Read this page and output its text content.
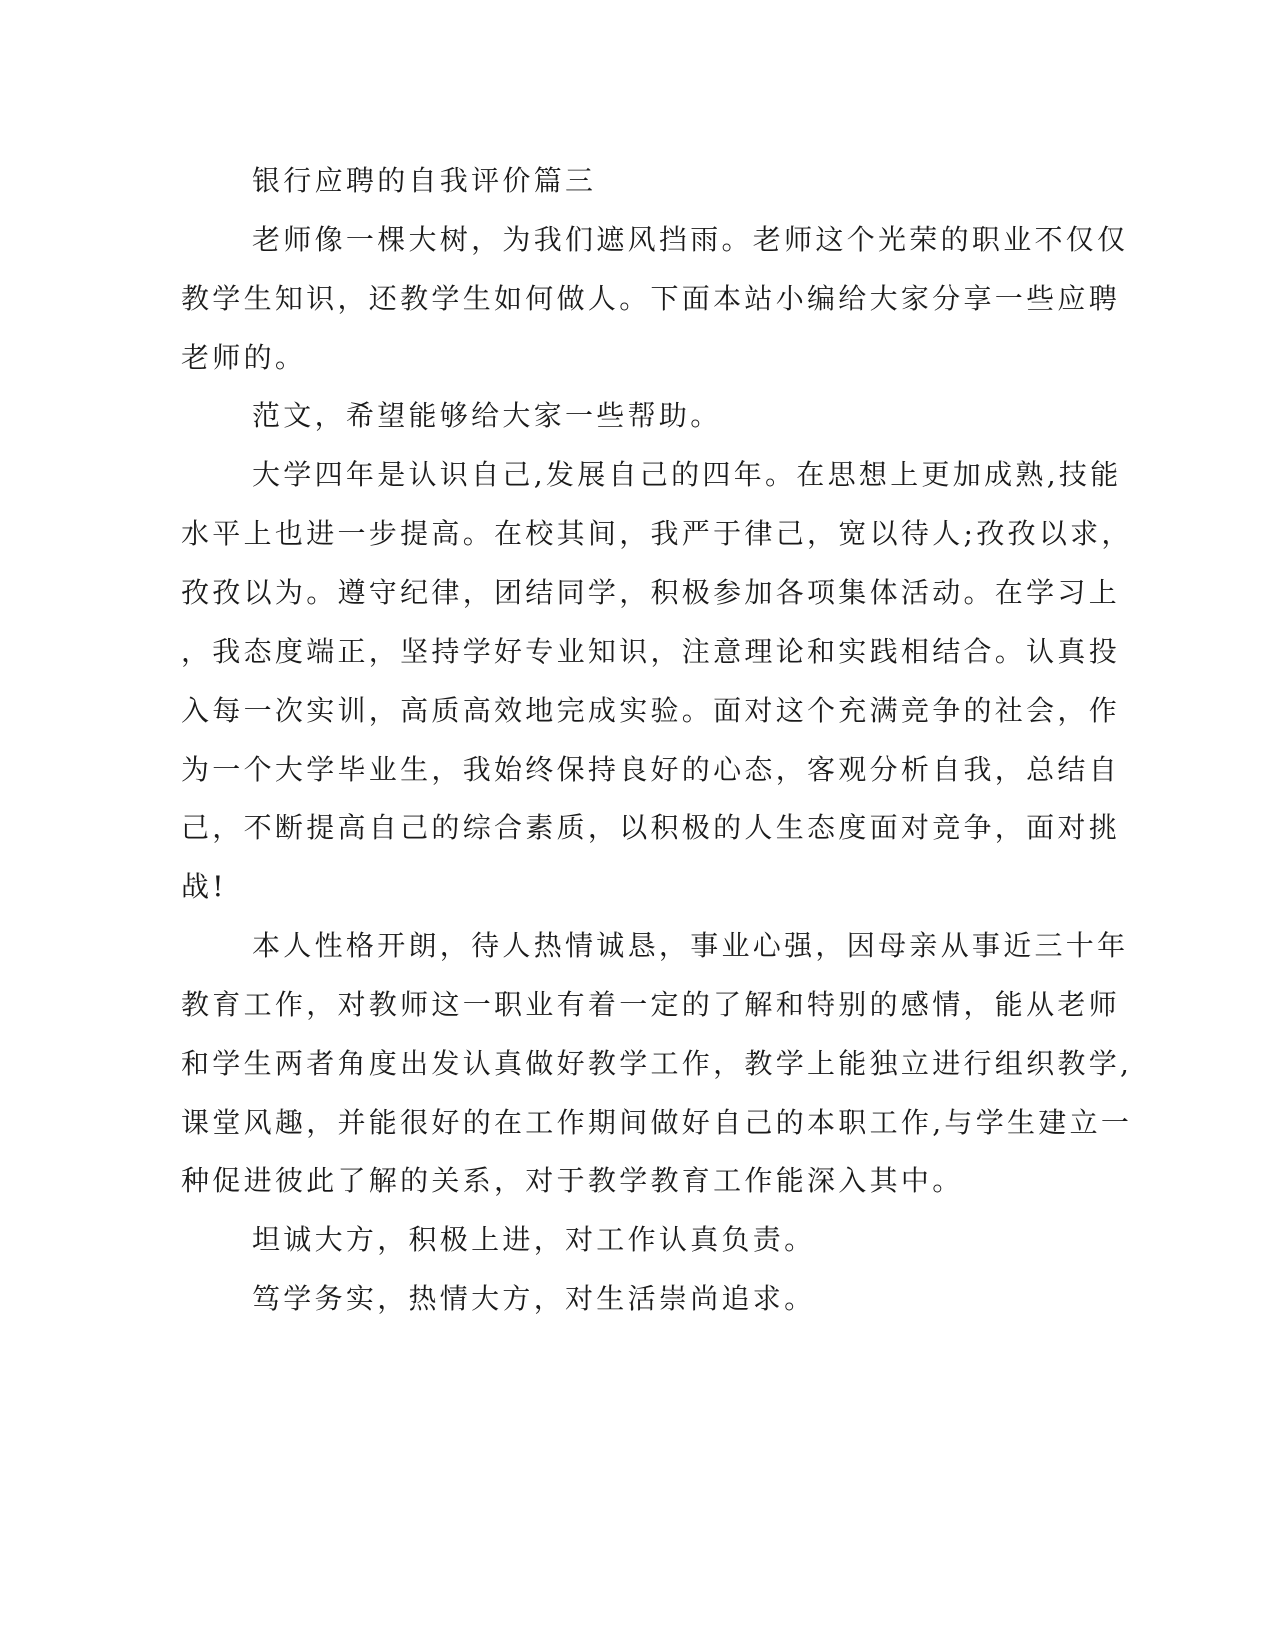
银行应聘的自我评价篇三

老师像一棵大树，为我们遮风挡雨。老师这个光荣的职业不仅仅

教学生知识，还教学生如何做人。下面本站小编给大家分享一些应聘

老师的。

范文，希望能够给大家一些帮助。

大学四年是认识自己,发展自己的四年。在思想上更加成熟,技能

水平上也进一步提高。在校其间，我严于律己，宽以待人;孜孜以求，

孜孜以为。遵守纪律，团结同学，积极参加各项集体活动。在学习上

，我态度端正，坚持学好专业知识，注意理论和实践相结合。认真投

入每一次实训，高质高效地完成实验。面对这个充满竞争的社会，作

为一个大学毕业生，我始终保持良好的心态，客观分析自我，总结自

己，不断提高自己的综合素质，以积极的人生态度面对竞争，面对挑

战!

本人性格开朗，待人热情诚恳，事业心强，因母亲从事近三十年

教育工作，对教师这一职业有着一定的了解和特别的感情，能从老师

和学生两者角度出发认真做好教学工作，教学上能独立进行组织教学,

课堂风趣，并能很好的在工作期间做好自己的本职工作,与学生建立一

种促进彼此了解的关系，对于教学教育工作能深入其中。

坦诚大方，积极上进，对工作认真负责。

笃学务实，热情大方，对生活崇尚追求。
